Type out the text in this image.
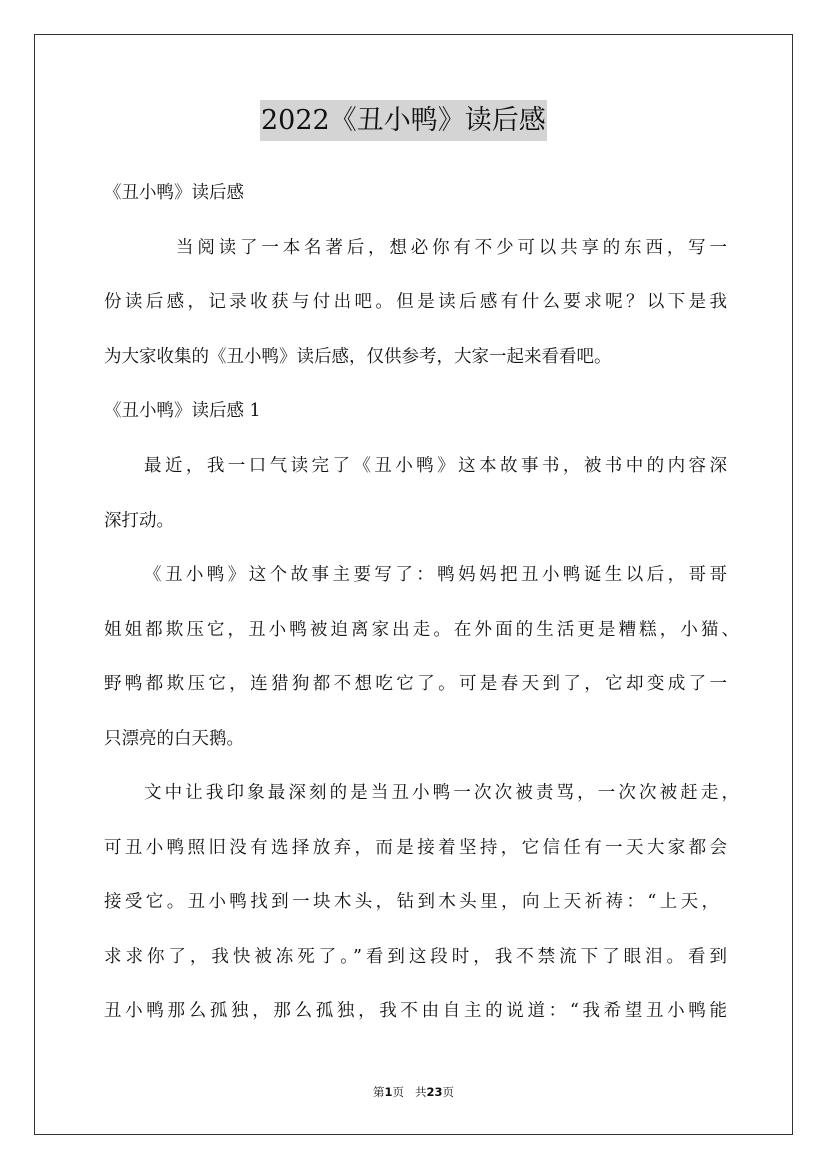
2022《丑小鸭》读后感
《丑小鸭》读后感
当阅读了一本名著后，想必你有不少可以共享的东西，写一
份读后感，记录收获与付出吧。但是读后感有什么要求呢？以下是我
为大家收集的《丑小鸭》读后感，仅供参考，大家一起来看看吧。
《丑小鸭》读后感 1
最近，我一口气读完了《丑小鸭》这本故事书，被书中的内容深
深打动。
《丑小鸭》这个故事主要写了：鸭妈妈把丑小鸭诞生以后，哥哥
姐姐都欺压它，丑小鸭被迫离家出走。在外面的生活更是糟糕，小猫、
野鸭都欺压它，连猎狗都不想吃它了。可是春天到了，它却变成了一
只漂亮的白天鹅。
文中让我印象最深刻的是当丑小鸭一次次被责骂，一次次被赶走，
可丑小鸭照旧没有选择放弃，而是接着坚持，它信任有一天大家都会
接受它。丑小鸭找到一块木头，钻到木头里，向上天祈祷：“上天，
求求你了，我快被冻死了。”看到这段时，我不禁流下了眼泪。看到
丑小鸭那么孤独，那么孤独，我不由自主的说道：“我希望丑小鸭能
第1页 共23页
